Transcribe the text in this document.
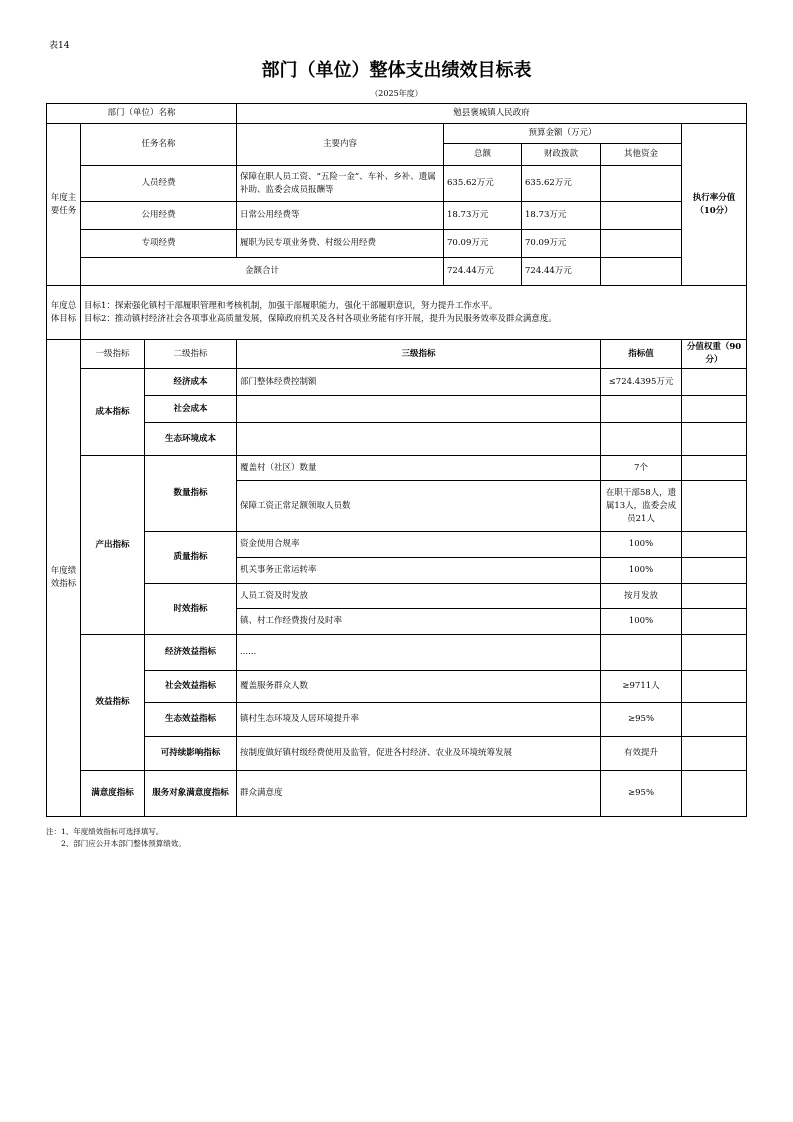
表14
部门（单位）整体支出绩效目标表
（2025年度）
部门（单位）名称			勉县褒城镇人民政府				
年度主要任务	任务名称		主要内容	预算金额（万元）			执行率分值（10分）
				总额	财政拨款	其他资金	
	人员经费		保障在职人员工资、“五险一金”、车补、乡补、遗属补助、监委会成员报酬等	635.62万元	635.62万元		
	公用经费		日常公用经费等	18.73万元	18.73万元		
	专项经费		履职为民专项业务费、村级公用经费	70.09万元	70.09万元		
	金额合计			724.44万元	724.44万元		
年度总体目标	目标1：探索强化镇村干部履职管理和考核机制，加强干部履职能力，强化干部履职意识，努力提升工作水平。
目标2：推动镇村经济社会各项事业高质量发展，保障政府机关及各村各项业务能有序开展，提升为民服务效率及群众满意度。						

年度绩效指标	一级指标	二级指标	三级指标			指标值	分值权重（90分）
	成本指标	经济成本	部门整体经费控制额			≤724.4395万元	
		社会成本					
		生态环境成本					
	产出指标	数量指标	覆盖村（社区）数量			7个	
			保障工资正常足额领取人员数			在职干部58人，遗属13人，监委会成员21人	
		质量指标	资金使用合规率			100%	
			机关事务正常运转率			100%	
		时效指标	人员工资及时发放			按月发放	
			镇、村工作经费拨付及时率			100%	
	效益指标	经济效益指标	......				
		社会效益指标	覆盖服务群众人数			≥9711人	
		生态效益指标	镇村生态环境及人居环境提升率			≥95%	
		可持续影响指标	按制度做好镇村级经费使用及监管，促进各村经济、农业及环境统筹发展			有效提升	
	满意度指标	服务对象满意度指标	群众满意度			≥95%	
注：1、年度绩效指标可选择填写。
2、部门应公开本部门整体预算绩效。
